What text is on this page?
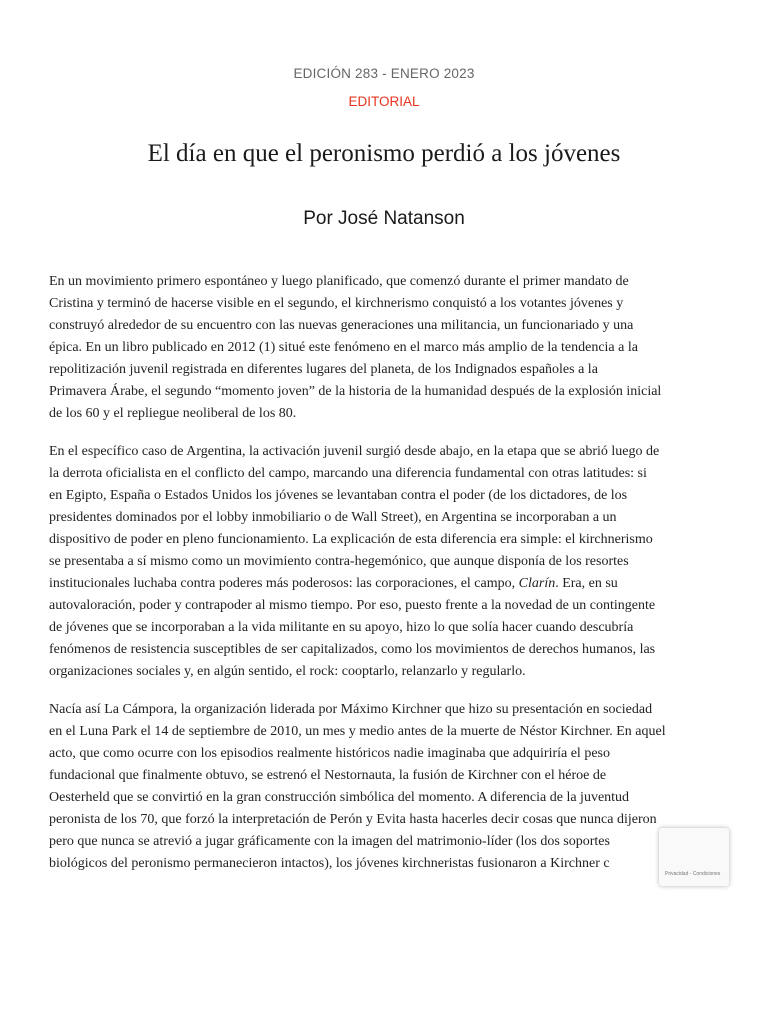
EDICIÓN 283 - ENERO 2023
EDITORIAL
El día en que el peronismo perdió a los jóvenes
Por José Natanson

En un movimiento primero espontáneo y luego planificado, que comenzó durante el primer mandato de
Cristina y terminó de hacerse visible en el segundo, el kirchnerismo conquistó a los votantes jóvenes y
construyó alrededor de su encuentro con las nuevas generaciones una militancia, un funcionariado y una
épica. En un libro publicado en 2012 (1) situé este fenómeno en el marco más amplio de la tendencia a la
repolitización juvenil registrada en diferentes lugares del planeta, de los Indignados españoles a la
Primavera Árabe, el segundo “momento joven” de la historia de la humanidad después de la explosión inicial
de los 60 y el repliegue neoliberal de los 80.

En el específico caso de Argentina, la activación juvenil surgió desde abajo, en la etapa que se abrió luego de
la derrota oficialista en el conflicto del campo, marcando una diferencia fundamental con otras latitudes: si
en Egipto, España o Estados Unidos los jóvenes se levantaban contra el poder (de los dictadores, de los
presidentes dominados por el lobby inmobiliario o de Wall Street), en Argentina se incorporaban a un
dispositivo de poder en pleno funcionamiento. La explicación de esta diferencia era simple: el kirchnerismo
se presentaba a sí mismo como un movimiento contra-hegemónico, que aunque disponía de los resortes
institucionales luchaba contra poderes más poderosos: las corporaciones, el campo, Clarín. Era, en su
autovaloración, poder y contrapoder al mismo tiempo. Por eso, puesto frente a la novedad de un contingente
de jóvenes que se incorporaban a la vida militante en su apoyo, hizo lo que solía hacer cuando descubría
fenómenos de resistencia susceptibles de ser capitalizados, como los movimientos de derechos humanos, las
organizaciones sociales y, en algún sentido, el rock: cooptarlo, relanzarlo y regularlo.

Nacía así La Cámpora, la organización liderada por Máximo Kirchner que hizo su presentación en sociedad
en el Luna Park el 14 de septiembre de 2010, un mes y medio antes de la muerte de Néstor Kirchner. En aquel
acto, que como ocurre con los episodios realmente históricos nadie imaginaba que adquiriría el peso
fundacional que finalmente obtuvo, se estrenó el Nestornauta, la fusión de Kirchner con el héroe de
Oesterheld que se convirtió en la gran construcción simbólica del momento. A diferencia de la juventud
peronista de los 70, que forzó la interpretación de Perón y Evita hasta hacerles decir cosas que nunca dijeron
pero que nunca se atrevió a jugar gráficamente con la imagen del matrimonio-líder (los dos soportes
biológicos del peronismo permanecieron intactos), los jóvenes kirchneristas fusionaron a Kirchner c

Privacidad - Condiciones
